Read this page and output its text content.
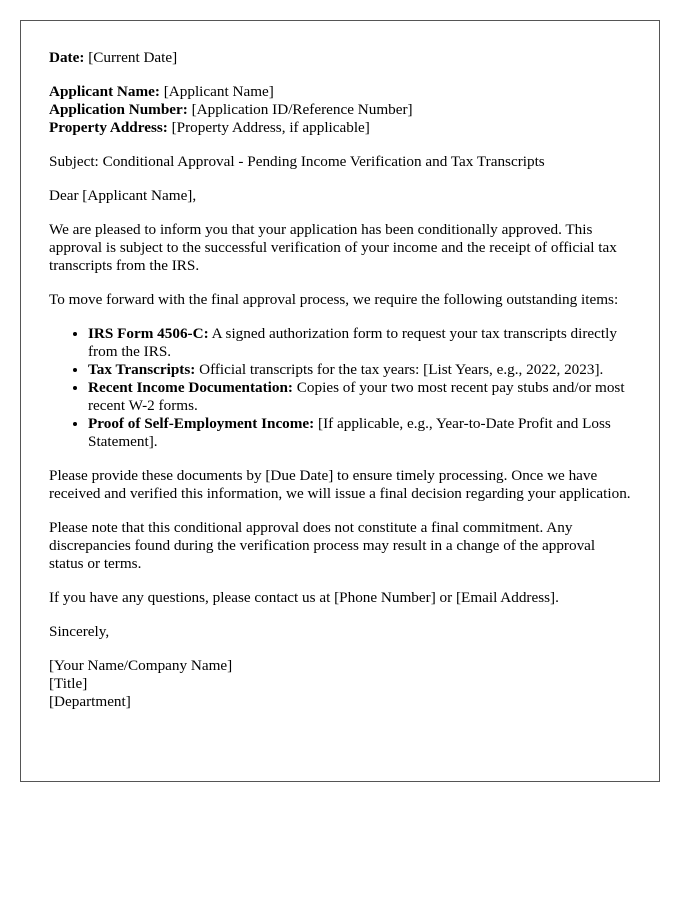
Date: [Current Date]

Applicant Name: [Applicant Name]
Application Number: [Application ID/Reference Number]
Property Address: [Property Address, if applicable]

Subject: Conditional Approval - Pending Income Verification and Tax Transcripts

Dear [Applicant Name],

We are pleased to inform you that your application has been conditionally approved. This approval is subject to the successful verification of your income and the receipt of official tax transcripts from the IRS.

To move forward with the final approval process, we require the following outstanding items:

• IRS Form 4506-C: A signed authorization form to request your tax transcripts directly from the IRS.
• Tax Transcripts: Official transcripts for the tax years: [List Years, e.g., 2022, 2023].
• Recent Income Documentation: Copies of your two most recent pay stubs and/or most recent W-2 forms.
• Proof of Self-Employment Income: [If applicable, e.g., Year-to-Date Profit and Loss Statement].

Please provide these documents by [Due Date] to ensure timely processing. Once we have received and verified this information, we will issue a final decision regarding your application.

Please note that this conditional approval does not constitute a final commitment. Any discrepancies found during the verification process may result in a change of the approval status or terms.

If you have any questions, please contact us at [Phone Number] or [Email Address].

Sincerely,

[Your Name/Company Name]
[Title]
[Department]
